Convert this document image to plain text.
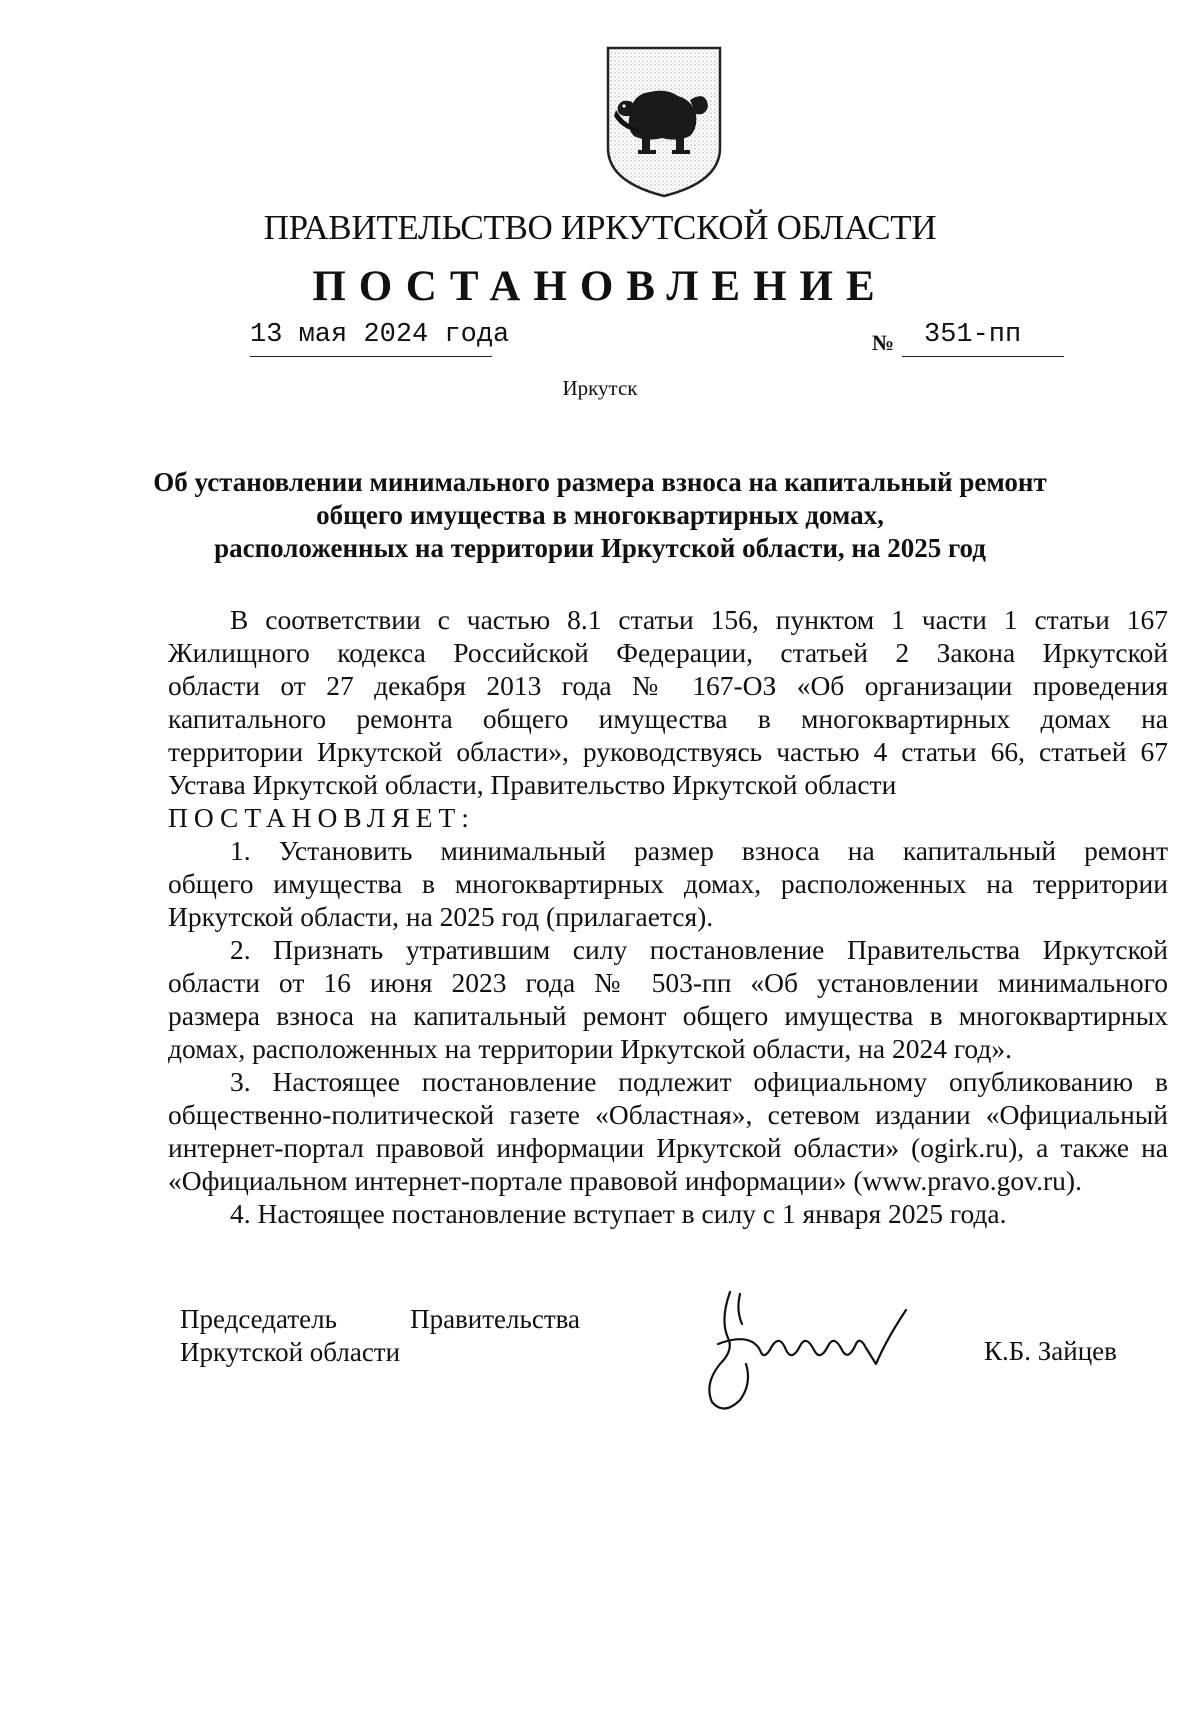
ПРАВИТЕЛЬСТВО ИРКУТСКОЙ ОБЛАСТИ
ПОСТАНОВЛЕНИЕ
13 мая 2024 года	№ 351-пп
Иркутск
Об установлении минимального размера взноса на капитальный ремонт
общего имущества в многоквартирных домах,
расположенных на территории Иркутской области, на 2025 год
В соответствии с частью 8.1 статьи 156, пунктом 1 части 1 статьи 167
Жилищного кодекса Российской Федерации, статьей 2 Закона Иркутской
области от 27 декабря 2013 года № 167-ОЗ «Об организации проведения
капитального ремонта общего имущества в многоквартирных домах на
территории Иркутской области», руководствуясь частью 4 статьи 66, статьей 67
Устава Иркутской области, Правительство Иркутской области
ПОСТАНОВЛЯЕТ:
1. Установить минимальный размер взноса на капитальный ремонт
общего имущества в многоквартирных домах, расположенных на территории
Иркутской области, на 2025 год (прилагается).
2. Признать утратившим силу постановление Правительства Иркутской
области от 16 июня 2023 года № 503-пп «Об установлении минимального
размера взноса на капитальный ремонт общего имущества в многоквартирных
домах, расположенных на территории Иркутской области, на 2024 год».
3. Настоящее постановление подлежит официальному опубликованию в
общественно-политической газете «Областная», сетевом издании «Официальный
интернет-портал правовой информации Иркутской области» (ogirk.ru), а также на
«Официальном интернет-портале правовой информации» (www.pravo.gov.ru).
4. Настоящее постановление вступает в силу с 1 января 2025 года.
Председатель	Правительства
Иркутской области	К.Б. Зайцев
